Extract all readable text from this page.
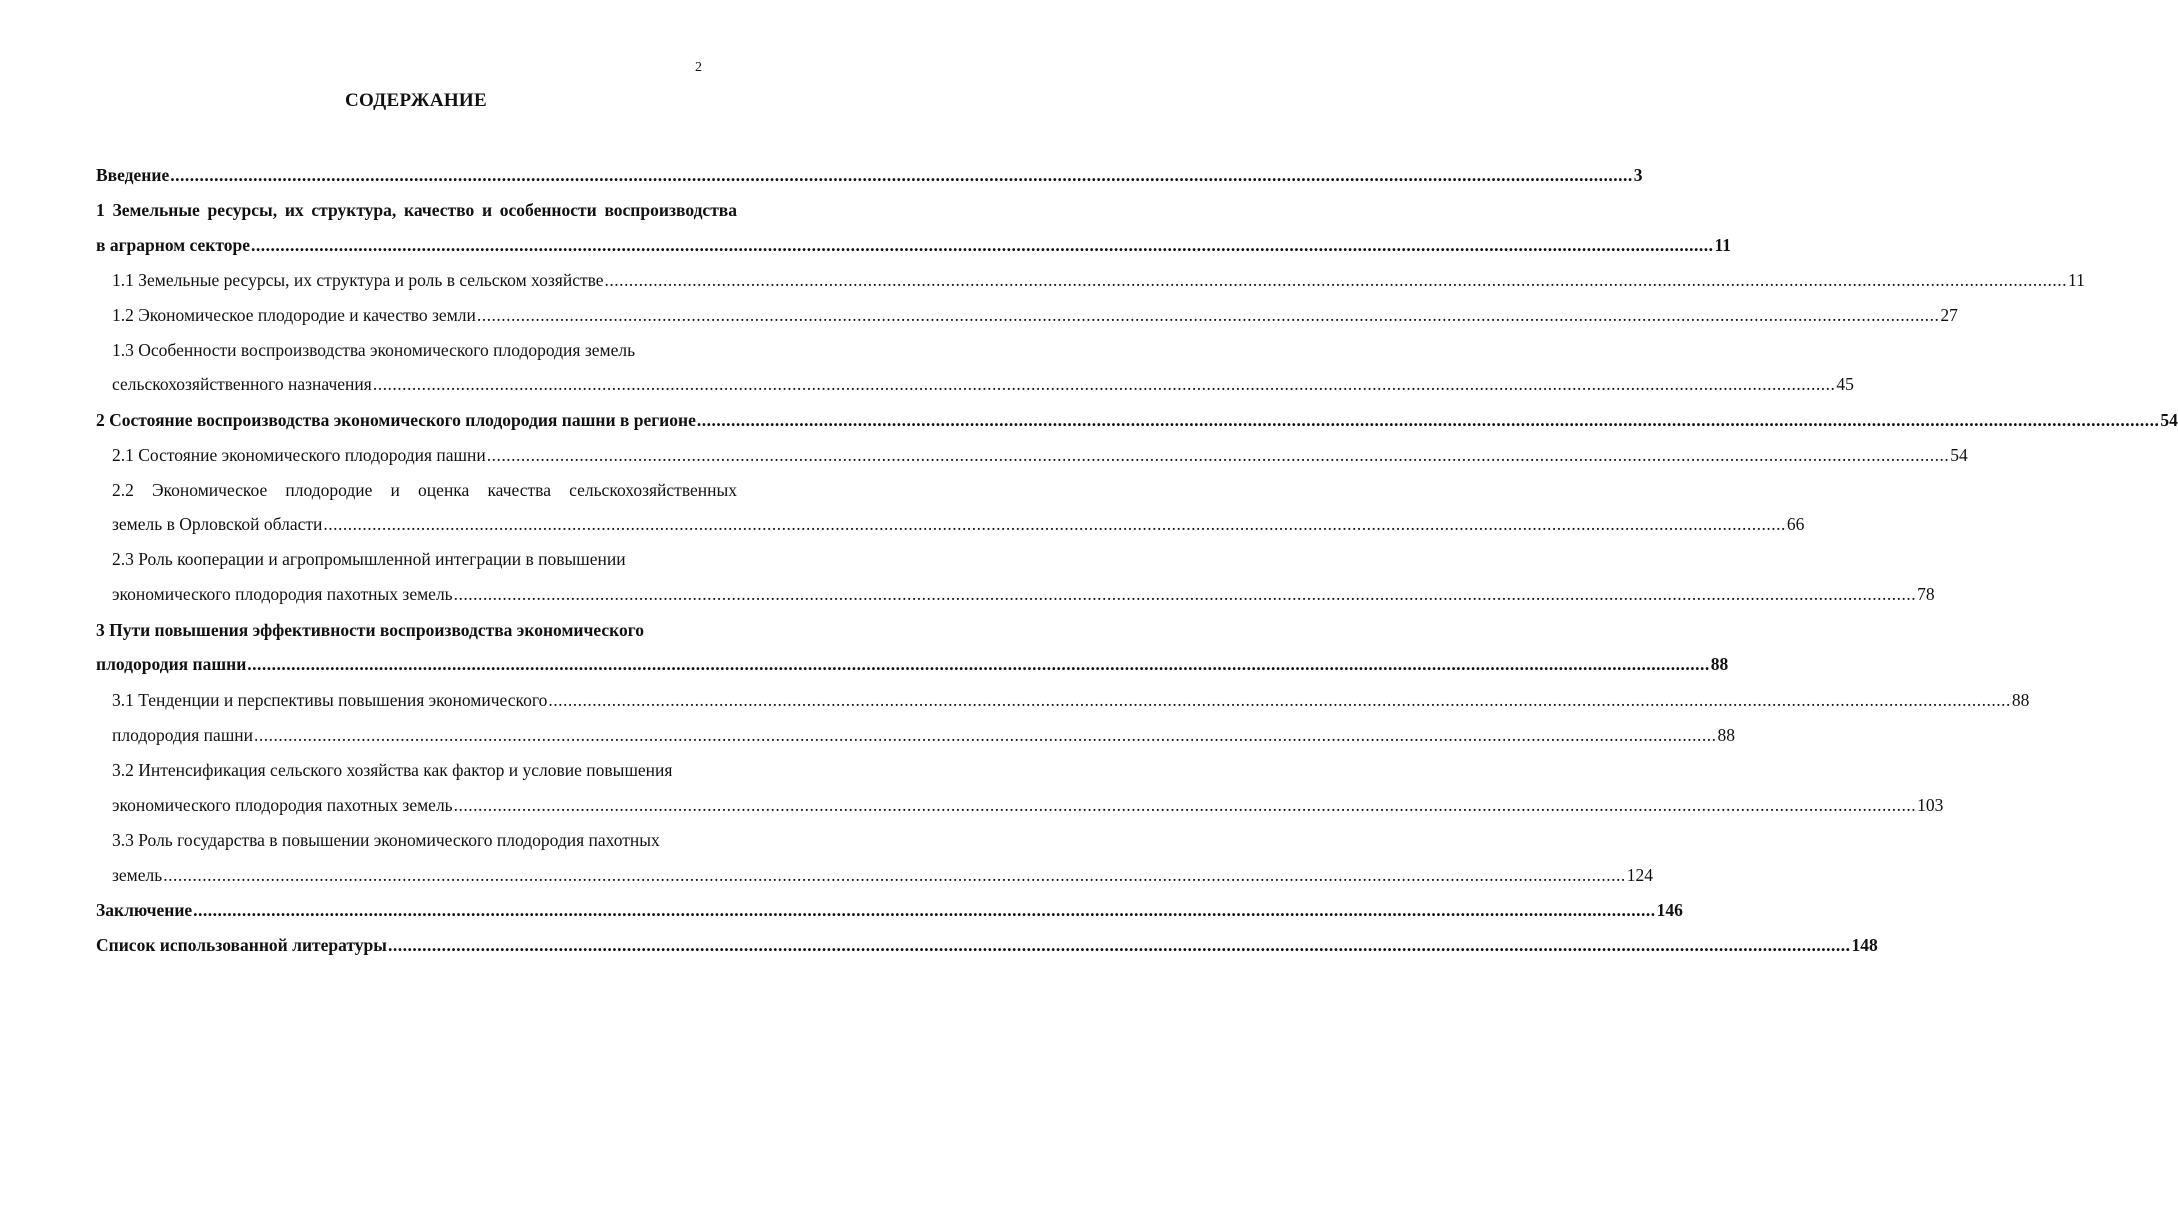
2
СОДЕРЖАНИЕ
Введение ............................................................................................................................................................................................................................................................................................................ 3
1 Земельные ресурсы, их структура, качество и особенности воспроизводства
в аграрном секторе ............................................................................................................................................................................................................................................................................................................ 11
1.1 Земельные ресурсы, их структура и роль в сельском хозяйстве ............................................................................................................................................................................................................................................................................................................ 11
1.2 Экономическое плодородие и качество земли ............................................................................................................................................................................................................................................................................................................ 27
1.3 Особенности воспроизводства экономического плодородия земель
сельскохозяйственного назначения ............................................................................................................................................................................................................................................................................................................ 45
2 Состояние воспроизводства экономического плодородия пашни в регионе ............................................................................................................................................................................................................................................................................................................ 54
2.1 Состояние экономического плодородия пашни ............................................................................................................................................................................................................................................................................................................ 54
2.2 Экономическое плодородие и оценка качества сельскохозяйственных
земель в Орловской области ............................................................................................................................................................................................................................................................................................................ 66
2.3 Роль кооперации и агропромышленной интеграции в повышении
экономического плодородия пахотных земель ............................................................................................................................................................................................................................................................................................................ 78
3 Пути повышения эффективности воспроизводства экономического
плодородия пашни ............................................................................................................................................................................................................................................................................................................ 88
3.1 Тенденции и перспективы повышения экономического ............................................................................................................................................................................................................................................................................................................ 88
плодородия пашни ............................................................................................................................................................................................................................................................................................................ 88
3.2 Интенсификация сельского хозяйства как фактор и условие повышения
экономического плодородия пахотных земель ............................................................................................................................................................................................................................................................................................................ 103
3.3 Роль государства в повышении экономического плодородия пахотных
земель ............................................................................................................................................................................................................................................................................................................ 124
Заключение ............................................................................................................................................................................................................................................................................................................ 146
Список использованной литературы ............................................................................................................................................................................................................................................................................................................ 148
